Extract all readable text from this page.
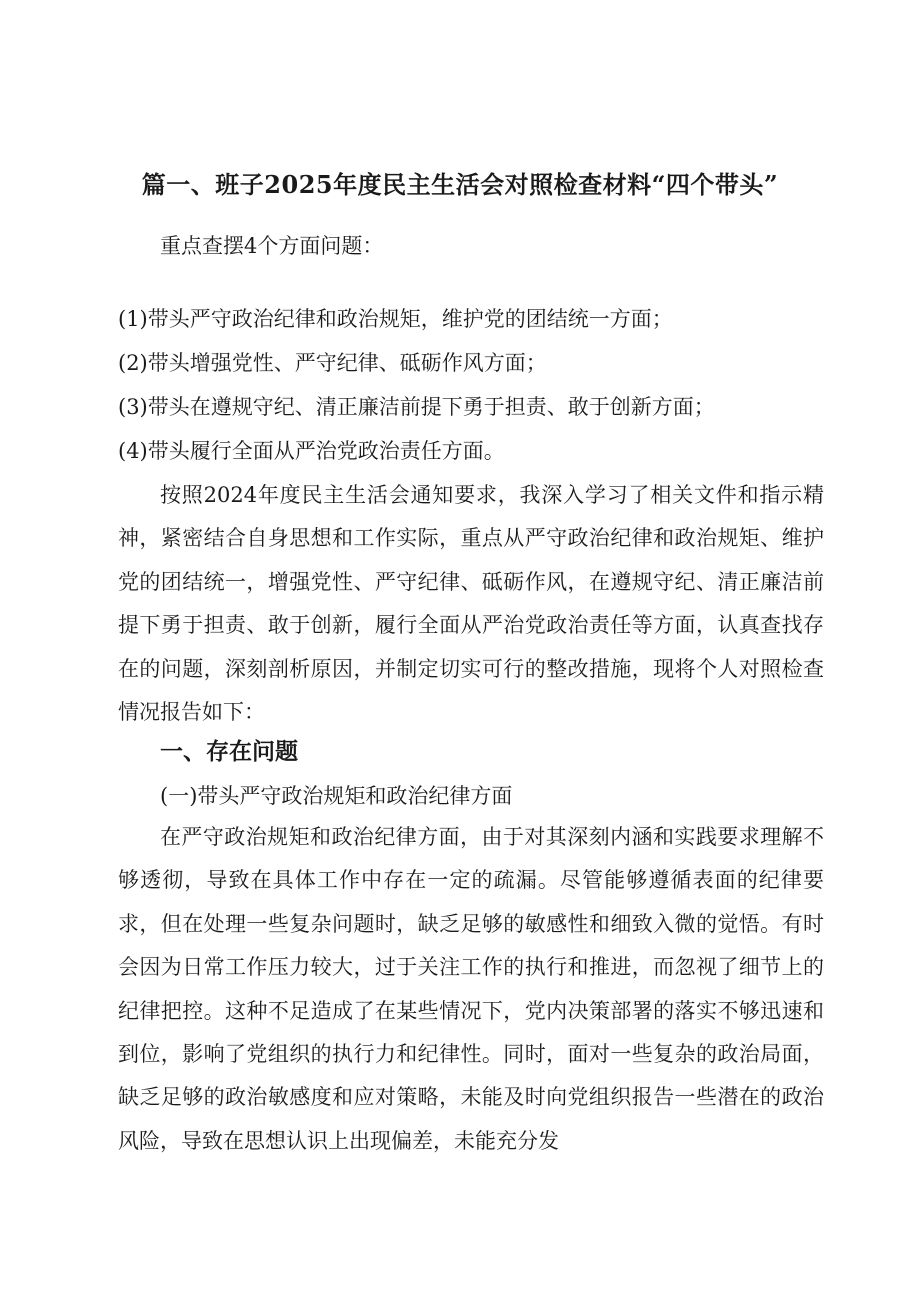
篇一、班子2025年度民主生活会对照检查材料“四个带头”
重点查摆4个方面问题：
(1)带头严守政治纪律和政治规矩，维护党的团结统一方面；
(2)带头增强党性、严守纪律、砥砺作风方面；
(3)带头在遵规守纪、清正廉洁前提下勇于担责、敢于创新方面；
(4)带头履行全面从严治党政治责任方面。
按照2024年度民主生活会通知要求，我深入学习了相关文件和指示精神，紧密结合自身思想和工作实际，重点从严守政治纪律和政治规矩、维护党的团结统一，增强党性、严守纪律、砥砺作风，在遵规守纪、清正廉洁前提下勇于担责、敢于创新，履行全面从严治党政治责任等方面，认真查找存在的问题，深刻剖析原因，并制定切实可行的整改措施，现将个人对照检查情况报告如下：
一、存在问题
(一)带头严守政治规矩和政治纪律方面
在严守政治规矩和政治纪律方面，由于对其深刻内涵和实践要求理解不够透彻，导致在具体工作中存在一定的疏漏。尽管能够遵循表面的纪律要求，但在处理一些复杂问题时，缺乏足够的敏感性和细致入微的觉悟。有时会因为日常工作压力较大，过于关注工作的执行和推进，而忽视了细节上的纪律把控。这种不足造成了在某些情况下，党内决策部署的落实不够迅速和到位，影响了党组织的执行力和纪律性。同时，面对一些复杂的政治局面，缺乏足够的政治敏感度和应对策略，未能及时向党组织报告一些潜在的政治风险，导致在思想认识上出现偏差，未能充分发
